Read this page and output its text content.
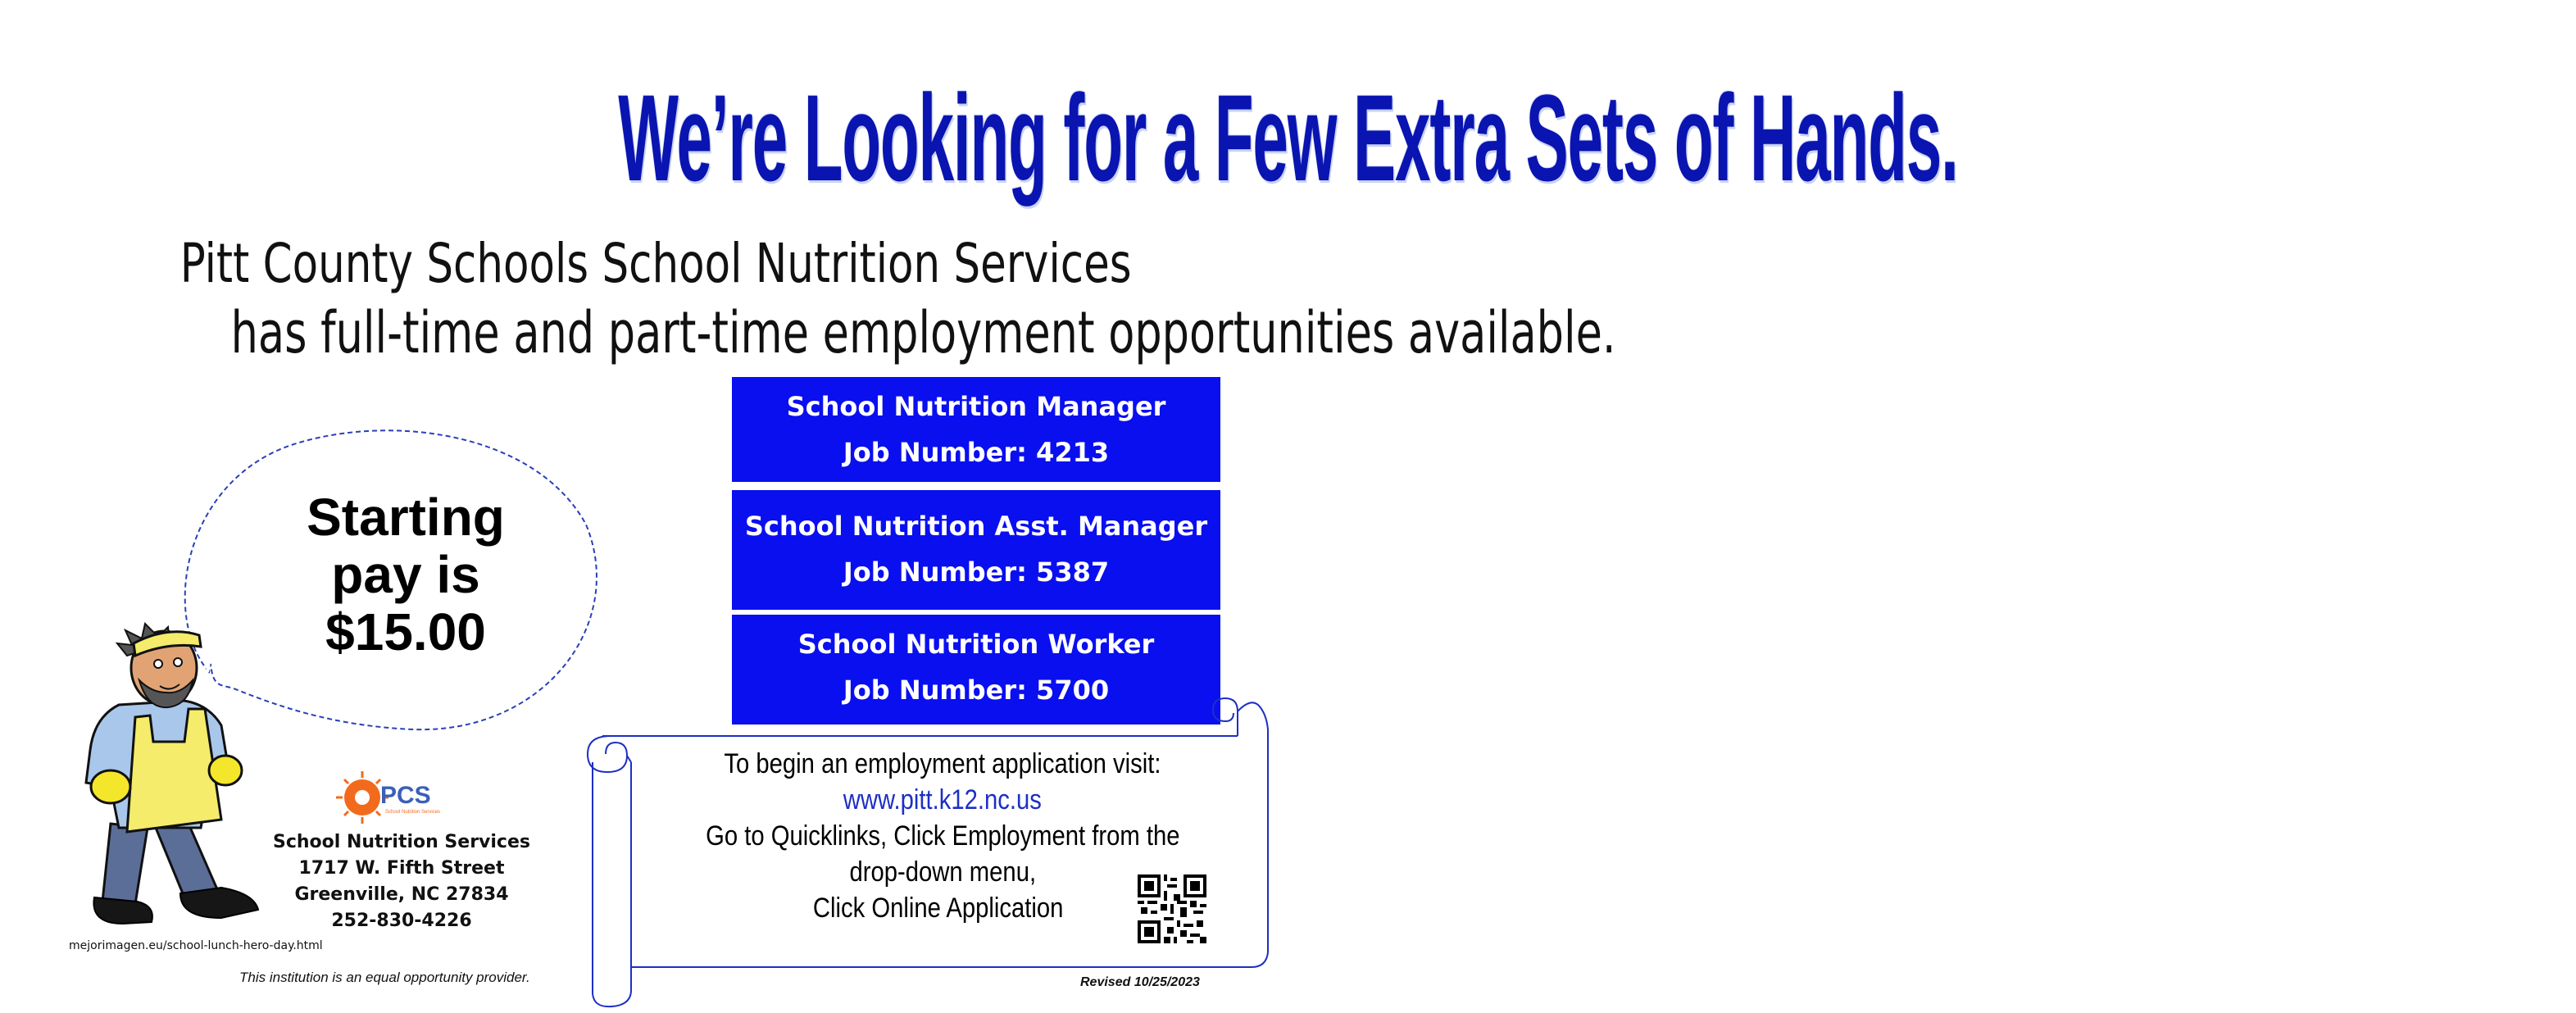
We’re Looking for a Few Extra Sets of Hands.
Pitt County Schools School Nutrition Services
has full-time and part-time employment opportunities available.
School Nutrition Manager
Job Number: 4213
School Nutrition Asst. Manager
Job Number: 5387
School Nutrition Worker
Job Number: 5700
Starting
pay is
$15.00
PCS
School Nutrition Services
School Nutrition Services
1717 W. Fifth Street
Greenville, NC 27834
252-830-4226
mejorimagen.eu/school-lunch-hero-day.html
This institution is an equal opportunity provider.	Revised 10/25/2023
To begin an employment application visit:
www.pitt.k12.nc.us
Go to Quicklinks, Click Employment from the
drop-down menu,
Click Online Application
